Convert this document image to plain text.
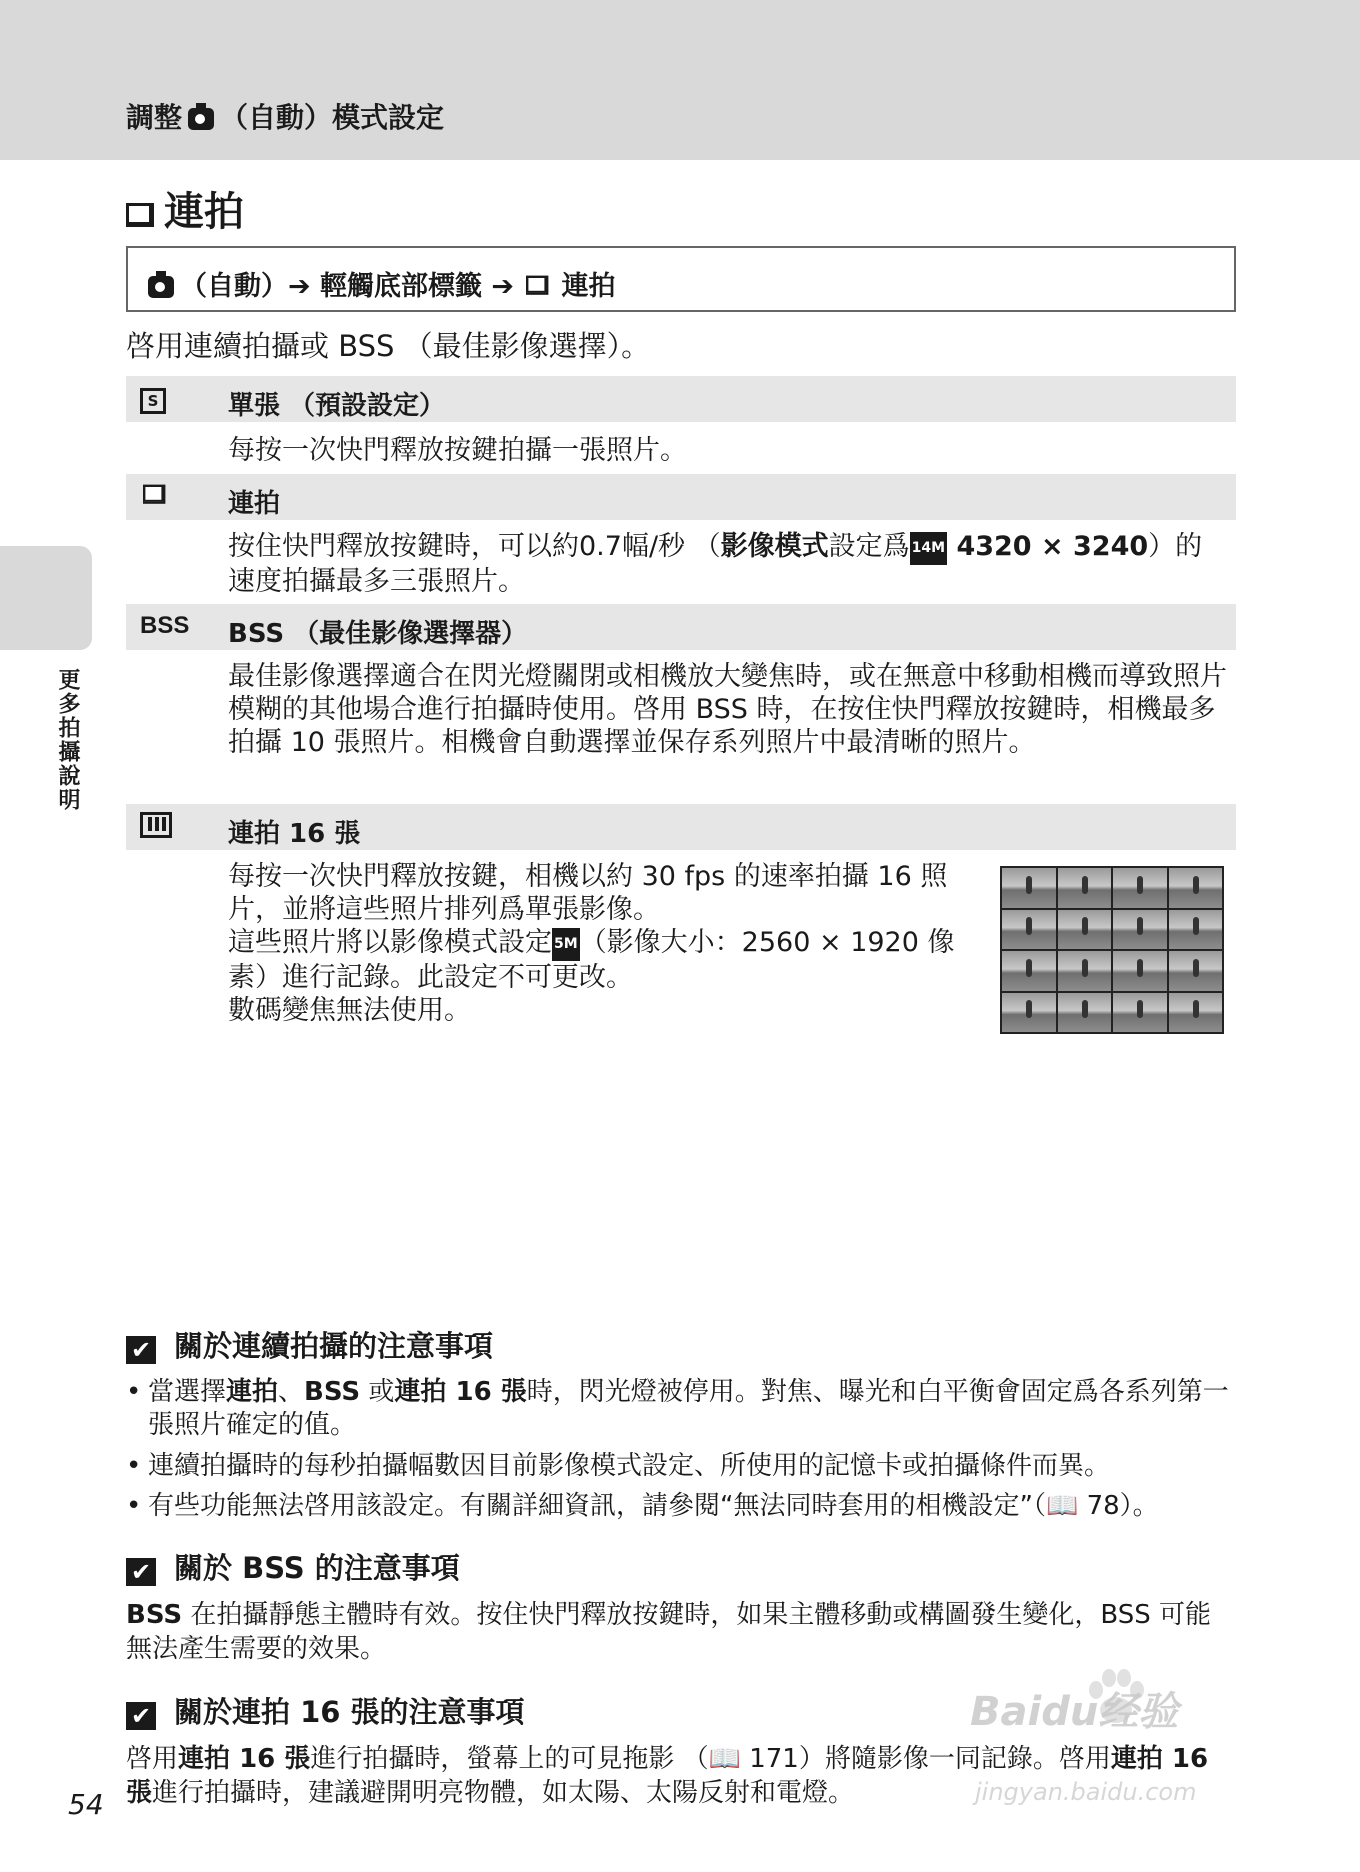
調整 （自動）模式設定
連拍
（自動）➔ 輕觸底部標籤 ➔ 連拍
啓用連續拍攝或 BSS （最佳影像選擇）。
S	單張 （預設設定）
每按一次快門釋放按鍵拍攝一張照片。
連拍
按住快門釋放按鍵時，可以約0.7幅/秒 （影像模式設定爲 14M 4320 × 3240）的速度拍攝最多三張照片。
BSS BSS （最佳影像選擇器）
最佳影像選擇適合在閃光燈關閉或相機放大變焦時，或在無意中移動相機而導致照片模糊的其他場合進行拍攝時使用。啓用 BSS 時，在按住快門釋放按鍵時，相機最多拍攝 10 張照片。相機會自動選擇並保存系列照片中最清晰的照片。
連拍 16 張
每按一次快門釋放按鍵，相機以約 30 fps 的速率拍攝 16 照片，並將這些照片排列爲單張影像。
這些照片將以影像模式設定 5M（影像大小：2560 × 1920 像素）進行記錄。此設定不可更改。
數碼變焦無法使用。
更多拍攝說明
✔ 關於連續拍攝的注意事項
• 當選擇連拍、BSS 或連拍 16 張時，閃光燈被停用。對焦、曝光和白平衡會固定爲各系列第一張照片確定的值。
• 連續拍攝時的每秒拍攝幅數因目前影像模式設定、所使用的記憶卡或拍攝條件而異。
• 有些功能無法啓用該設定。有關詳細資訊，請參閱“無法同時套用的相機設定”（📖 78）。
✔ 關於 BSS 的注意事項
BSS 在拍攝靜態主體時有效。按住快門釋放按鍵時，如果主體移動或構圖發生變化，BSS 可能無法產生需要的效果。
✔ 關於連拍 16 張的注意事項
啓用連拍 16 張進行拍攝時，螢幕上的可見拖影 （📖 171）將隨影像一同記錄。啓用連拍 16 張進行拍攝時，建議避開明亮物體，如太陽、太陽反射和電燈。
54
Baidu经验
jingyan.baidu.com
